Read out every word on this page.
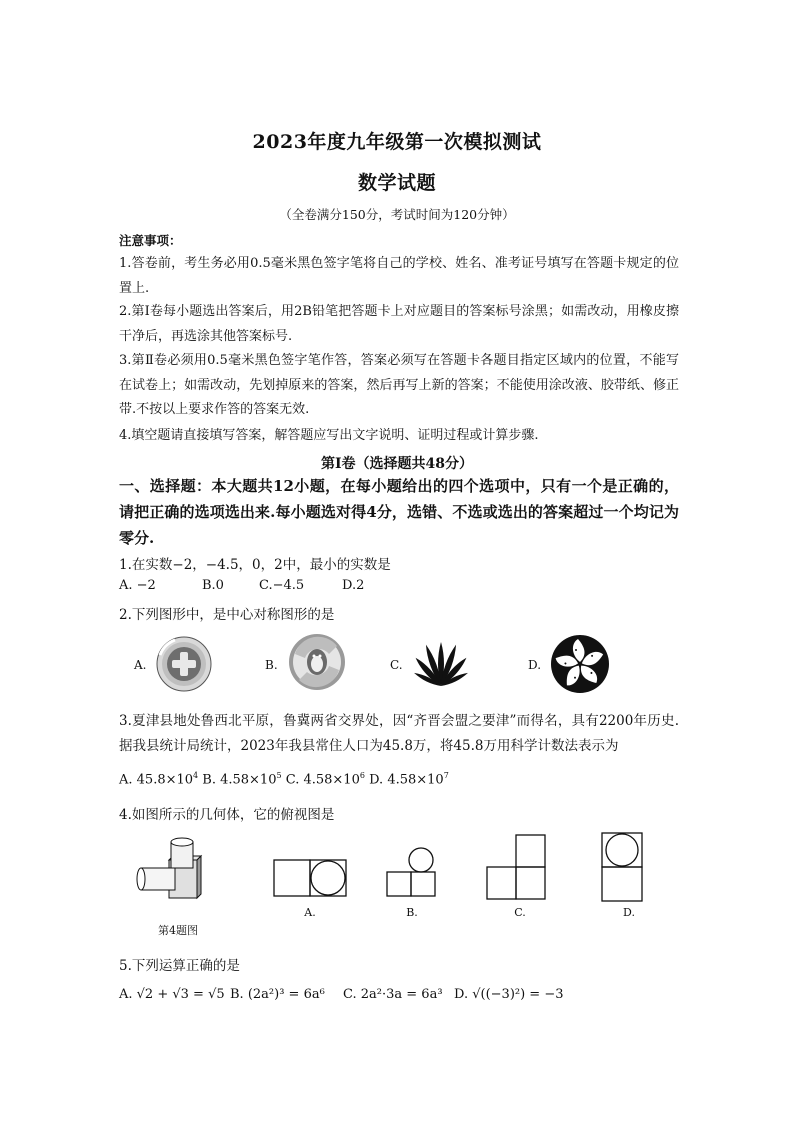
2023年度九年级第一次模拟测试
数学试题
（全卷满分150分，考试时间为120分钟）
注意事项：
1.答卷前，考生务必用0.5毫米黑色签字笔将自己的学校、姓名、准考证号填写在答题卡规定的位置上.
2.第Ⅰ卷每小题选出答案后，用2B铅笔把答题卡上对应题目的答案标号涂黑；如需改动，用橡皮擦干净后，再选涂其他答案标号.
3.第Ⅱ卷必须用0.5毫米黑色签字笔作答，答案必须写在答题卡各题目指定区域内的位置，不能写在试卷上；如需改动，先划掉原来的答案，然后再写上新的答案；不能使用涂改液、胶带纸、修正带.不按以上要求作答的答案无效.
4.填空题请直接填写答案，解答题应写出文字说明、证明过程或计算步骤.
第Ⅰ卷（选择题共48分）
一、选择题：本大题共12小题，在每小题给出的四个选项中，只有一个是正确的，请把正确的选项选出来.每小题选对得4分，选错、不选或选出的答案超过一个均记为零分.
1.在实数−2，−4.5，0，2中，最小的实数是
A. −2	B.0	C.−4.5	D.2
2.下列图形中，是中心对称图形的是
A.	B.	C.	D.
3.夏津县地处鲁西北平原，鲁冀两省交界处，因“齐晋会盟之要津”而得名，具有2200年历史.据我县统计局统计，2023年我县常住人口为45.8万，将45.8万用科学计数法表示为
A. $45.8\times 10^4$ B. $4.58\times 10^5$ C. $4.58\times 10^6$ D. $4.58\times 10^7$
4.如图所示的几何体，它的俯视图是
第4题图
A.	B.	C.	D.
5.下列运算正确的是
A. √2 + √3 = √5 B. (2a²)³ = 6a⁶ C. 2a²·3a = 6a³ D. √((−3)²) = −3
